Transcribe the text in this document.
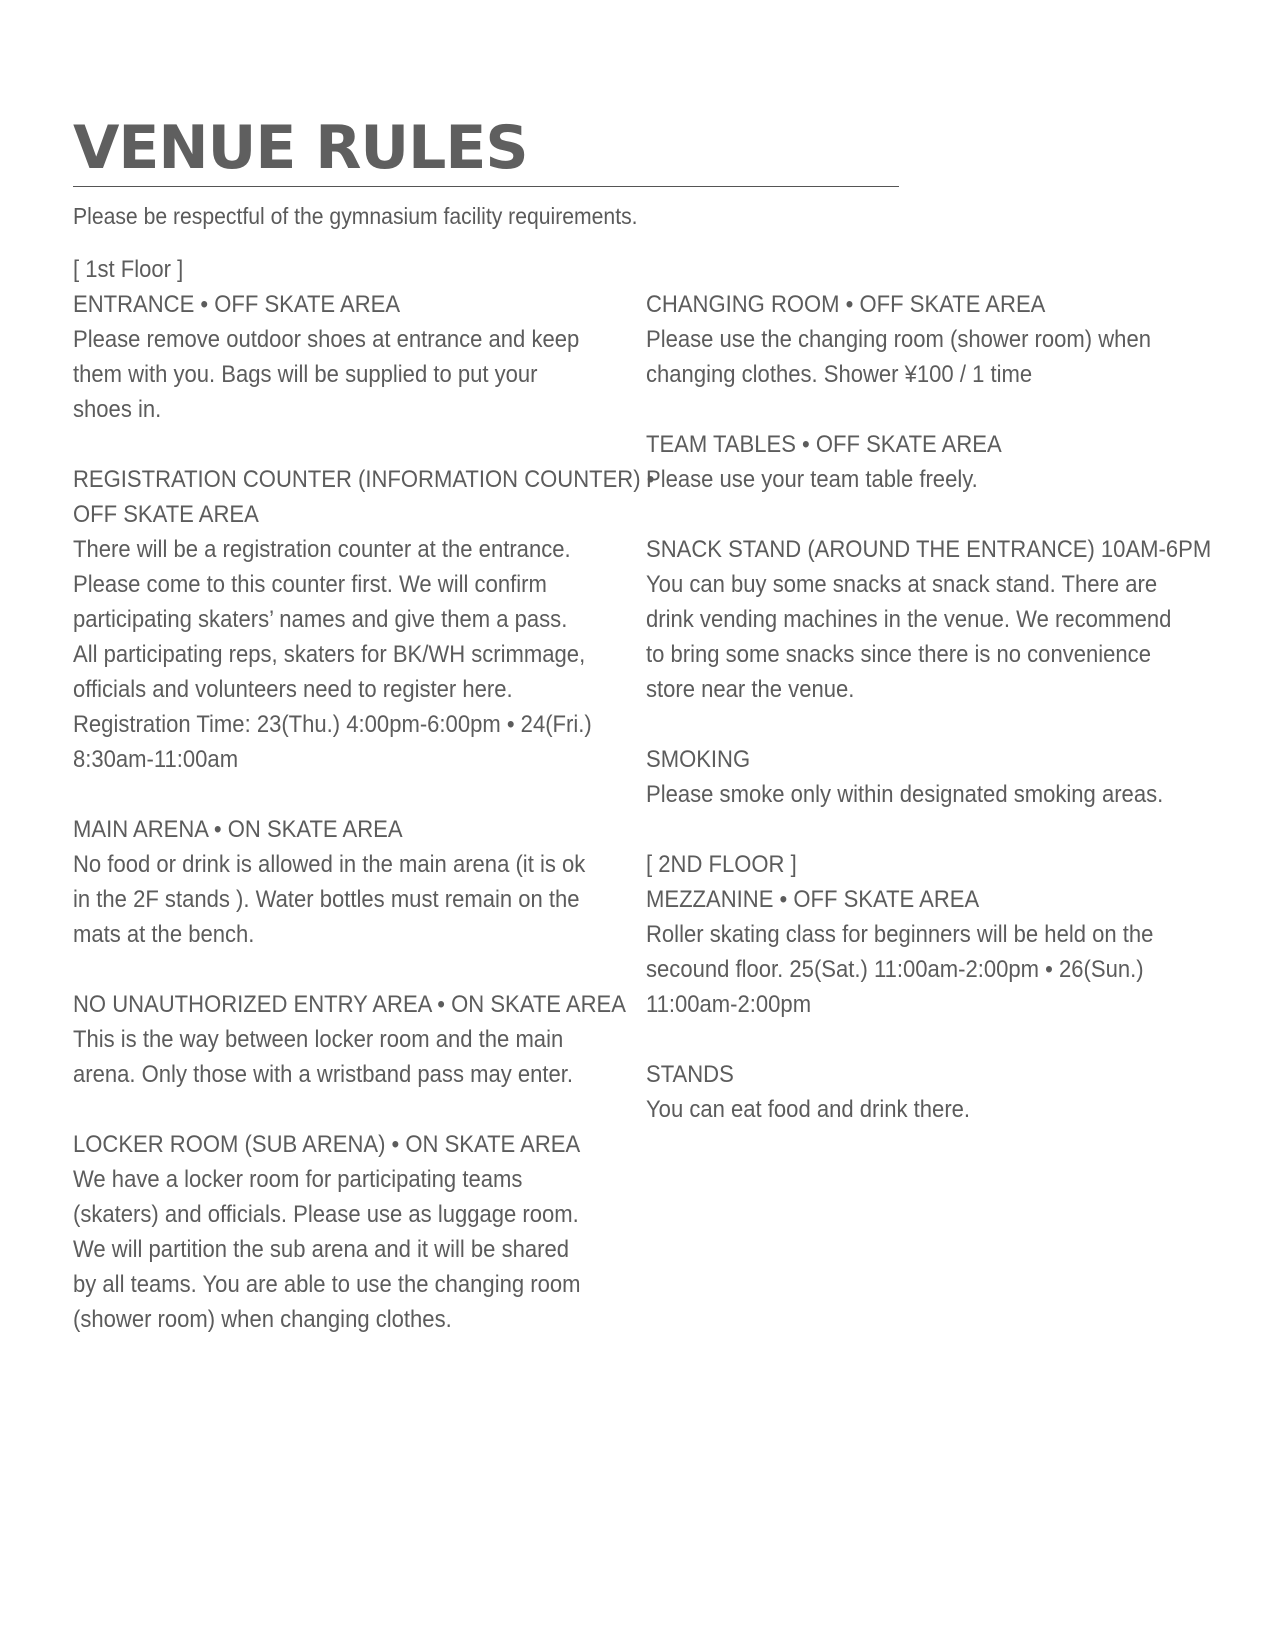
VENUE RULES
Please be respectful of the gymnasium facility requirements.
[ 1st Floor ]
ENTRANCE • OFF SKATE AREA
Please remove outdoor shoes at entrance and keep
them with you. Bags will be supplied to put your
shoes in.
REGISTRATION COUNTER (INFORMATION COUNTER) •
OFF SKATE AREA
There will be a registration counter at the entrance.
Please come to this counter first. We will confirm
participating skaters’ names and give them a pass.
All participating reps, skaters for BK/WH scrimmage,
officials and volunteers need to register here.
Registration Time: 23(Thu.) 4:00pm-6:00pm • 24(Fri.)
8:30am-11:00am
MAIN ARENA • ON SKATE AREA
No food or drink is allowed in the main arena (it is ok
in the 2F stands ). Water bottles must remain on the
mats at the bench.
NO UNAUTHORIZED ENTRY AREA • ON SKATE AREA
This is the way between locker room and the main
arena. Only those with a wristband pass may enter.
LOCKER ROOM (SUB ARENA) • ON SKATE AREA
We have a locker room for participating teams
(skaters) and officials. Please use as luggage room.
We will partition the sub arena and it will be shared
by all teams. You are able to use the changing room
(shower room) when changing clothes.
CHANGING ROOM • OFF SKATE AREA
Please use the changing room (shower room) when
changing clothes. Shower ¥100 / 1 time
TEAM TABLES • OFF SKATE AREA
Please use your team table freely.
SNACK STAND (AROUND THE ENTRANCE) 10AM-6PM
You can buy some snacks at snack stand. There are
drink vending machines in the venue. We recommend
to bring some snacks since there is no convenience
store near the venue.
SMOKING
Please smoke only within designated smoking areas.
[ 2ND FLOOR ]
MEZZANINE • OFF SKATE AREA
Roller skating class for beginners will be held on the
secound floor. 25(Sat.) 11:00am-2:00pm • 26(Sun.)
11:00am-2:00pm
STANDS
You can eat food and drink there.
